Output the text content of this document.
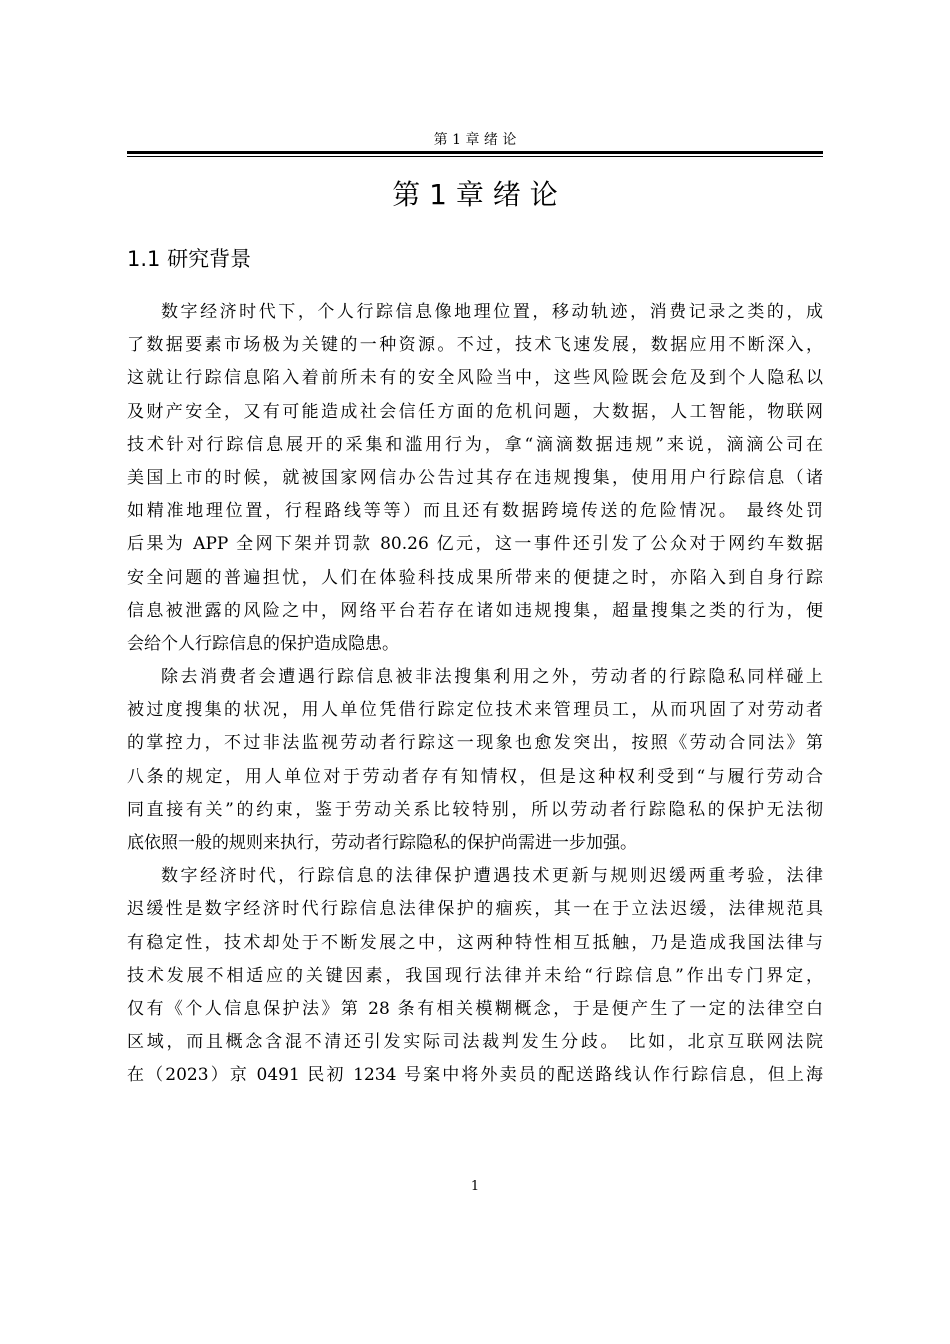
第 1 章 绪 论
第 1 章 绪 论
1.1 研究背景
数字经济时代下，个人行踪信息像地理位置，移动轨迹，消费记录之类的，成
了数据要素市场极为关键的一种资源。不过，技术飞速发展，数据应用不断深入，
这就让行踪信息陷入着前所未有的安全风险当中，这些风险既会危及到个人隐私以
及财产安全，又有可能造成社会信任方面的危机问题，大数据，人工智能，物联网
技术针对行踪信息展开的采集和滥用行为，拿“滴滴数据违规”来说，滴滴公司在
美国上市的时候，就被国家网信办公告过其存在违规搜集，使用用户行踪信息（诸
如精准地理位置，行程路线等等）而且还有数据跨境传送的危险情况。 最终处罚
后果为 APP 全网下架并罚款 80.26 亿元，这一事件还引发了公众对于网约车数据
安全问题的普遍担忧，人们在体验科技成果所带来的便捷之时，亦陷入到自身行踪
信息被泄露的风险之中，网络平台若存在诸如违规搜集，超量搜集之类的行为，便
会给个人行踪信息的保护造成隐患。
除去消费者会遭遇行踪信息被非法搜集利用之外，劳动者的行踪隐私同样碰上
被过度搜集的状况，用人单位凭借行踪定位技术来管理员工，从而巩固了对劳动者
的掌控力，不过非法监视劳动者行踪这一现象也愈发突出，按照《劳动合同法》第
八条的规定，用人单位对于劳动者存有知情权，但是这种权利受到“与履行劳动合
同直接有关”的约束，鉴于劳动关系比较特别，所以劳动者行踪隐私的保护无法彻
底依照一般的规则来执行，劳动者行踪隐私的保护尚需进一步加强。
数字经济时代，行踪信息的法律保护遭遇技术更新与规则迟缓两重考验，法律
迟缓性是数字经济时代行踪信息法律保护的痼疾，其一在于立法迟缓，法律规范具
有稳定性，技术却处于不断发展之中，这两种特性相互抵触，乃是造成我国法律与
技术发展不相适应的关键因素，我国现行法律并未给“行踪信息”作出专门界定，
仅有《个人信息保护法》第 28 条有相关模糊概念，于是便产生了一定的法律空白
区域，而且概念含混不清还引发实际司法裁判发生分歧。 比如，北京互联网法院
在（2023）京 0491 民初 1234 号案中将外卖员的配送路线认作行踪信息，但上海
1
